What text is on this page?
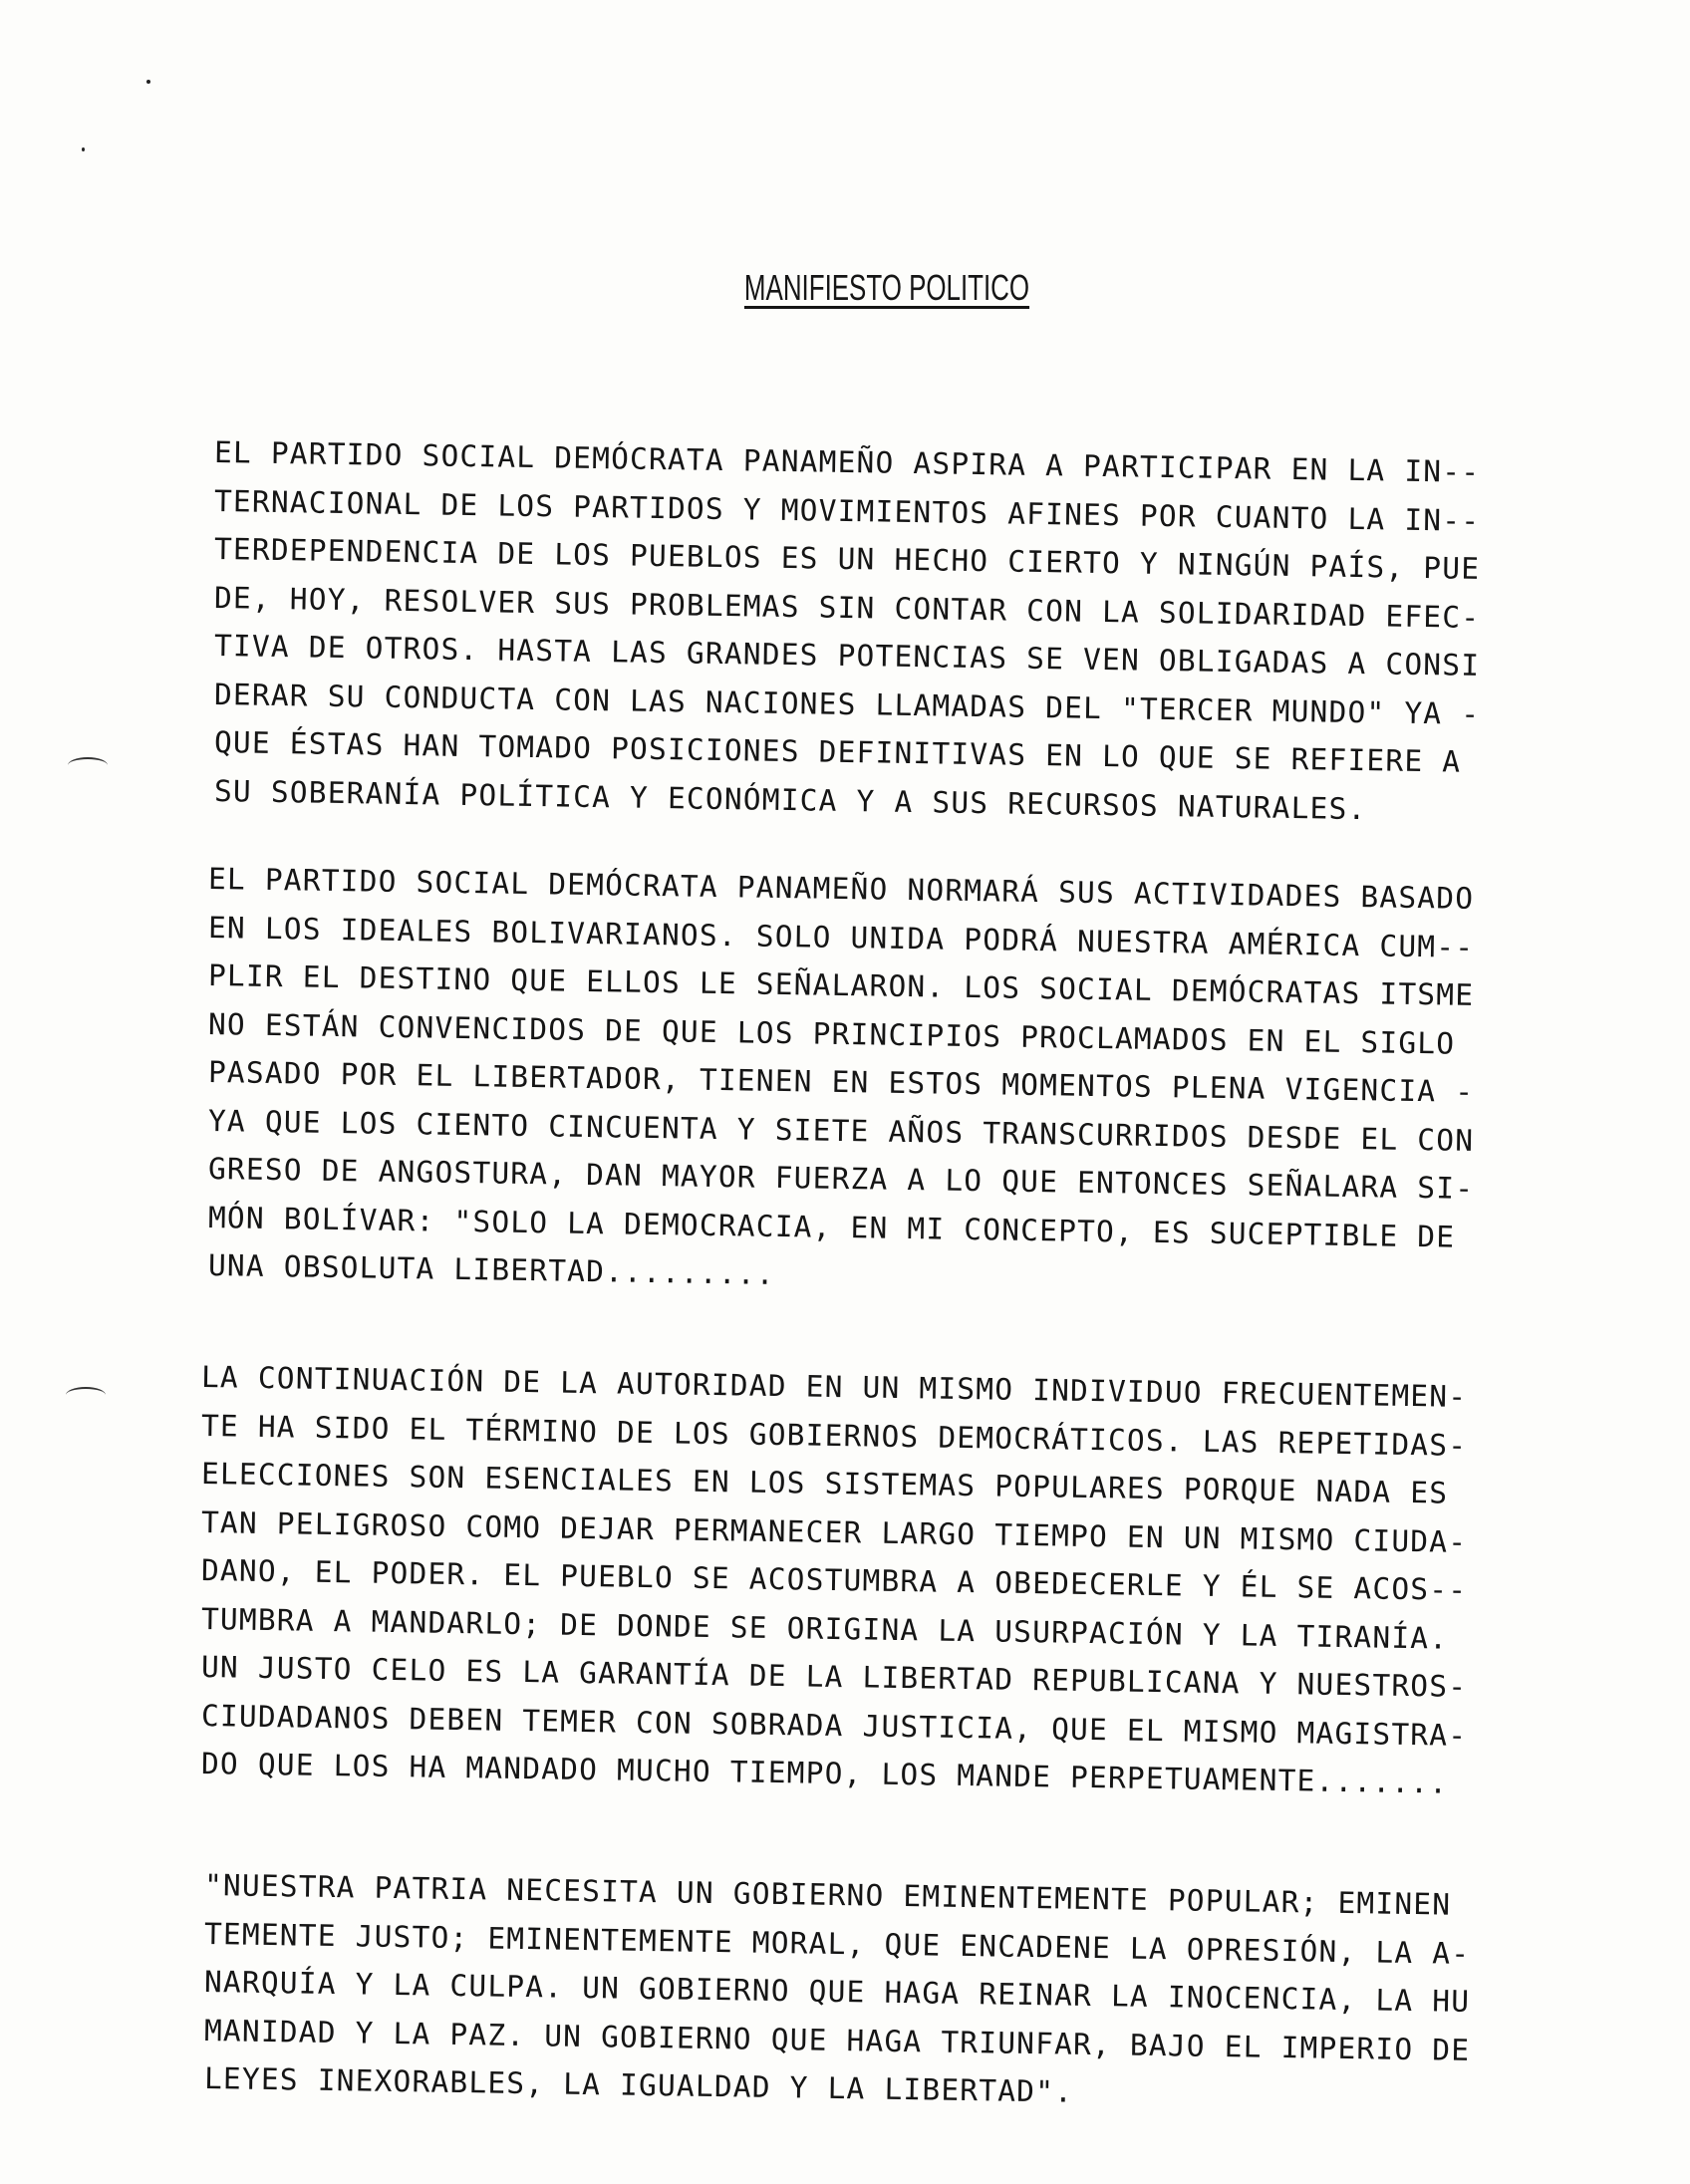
MANIFIESTO POLITICO
EL PARTIDO SOCIAL DEMÓCRATA PANAMEÑO ASPIRA A PARTICIPAR EN LA IN--
TERNACIONAL DE LOS PARTIDOS Y MOVIMIENTOS AFINES POR CUANTO LA IN--
TERDEPENDENCIA DE LOS PUEBLOS ES UN HECHO CIERTO Y NINGÚN PAÍS, PUE
DE, HOY, RESOLVER SUS PROBLEMAS SIN CONTAR CON LA SOLIDARIDAD EFEC-
TIVA DE OTROS. HASTA LAS GRANDES POTENCIAS SE VEN OBLIGADAS A CONSI
DERAR SU CONDUCTA CON LAS NACIONES LLAMADAS DEL "TERCER MUNDO" YA -
QUE ÉSTAS HAN TOMADO POSICIONES DEFINITIVAS EN LO QUE SE REFIERE A
SU SOBERANÍA POLÍTICA Y ECONÓMICA Y A SUS RECURSOS NATURALES.
EL PARTIDO SOCIAL DEMÓCRATA PANAMEÑO NORMARÁ SUS ACTIVIDADES BASADO
EN LOS IDEALES BOLIVARIANOS. SOLO UNIDA PODRÁ NUESTRA AMÉRICA CUM--
PLIR EL DESTINO QUE ELLOS LE SEÑALARON. LOS SOCIAL DEMÓCRATAS ITSME
NO ESTÁN CONVENCIDOS DE QUE LOS PRINCIPIOS PROCLAMADOS EN EL SIGLO
PASADO POR EL LIBERTADOR, TIENEN EN ESTOS MOMENTOS PLENA VIGENCIA -
YA QUE LOS CIENTO CINCUENTA Y SIETE AÑOS TRANSCURRIDOS DESDE EL CON
GRESO DE ANGOSTURA, DAN MAYOR FUERZA A LO QUE ENTONCES SEÑALARA SI-
MÓN BOLÍVAR: "SOLO LA DEMOCRACIA, EN MI CONCEPTO, ES SUCEPTIBLE DE
UNA OBSOLUTA LIBERTAD.........
LA CONTINUACIÓN DE LA AUTORIDAD EN UN MISMO INDIVIDUO FRECUENTEMEN-
TE HA SIDO EL TÉRMINO DE LOS GOBIERNOS DEMOCRÁTICOS. LAS REPETIDAS-
ELECCIONES SON ESENCIALES EN LOS SISTEMAS POPULARES PORQUE NADA ES
TAN PELIGROSO COMO DEJAR PERMANECER LARGO TIEMPO EN UN MISMO CIUDA-
DANO, EL PODER. EL PUEBLO SE ACOSTUMBRA A OBEDECERLE Y ÉL SE ACOS--
TUMBRA A MANDARLO; DE DONDE SE ORIGINA LA USURPACIÓN Y LA TIRANÍA.
UN JUSTO CELO ES LA GARANTÍA DE LA LIBERTAD REPUBLICANA Y NUESTROS-
CIUDADANOS DEBEN TEMER CON SOBRADA JUSTICIA, QUE EL MISMO MAGISTRA-
DO QUE LOS HA MANDADO MUCHO TIEMPO, LOS MANDE PERPETUAMENTE.......
"NUESTRA PATRIA NECESITA UN GOBIERNO EMINENTEMENTE POPULAR; EMINEN
TEMENTE JUSTO; EMINENTEMENTE MORAL, QUE ENCADENE LA OPRESIÓN, LA A-
NARQUÍA Y LA CULPA. UN GOBIERNO QUE HAGA REINAR LA INOCENCIA, LA HU
MANIDAD Y LA PAZ. UN GOBIERNO QUE HAGA TRIUNFAR, BAJO EL IMPERIO DE
LEYES INEXORABLES, LA IGUALDAD Y LA LIBERTAD".
